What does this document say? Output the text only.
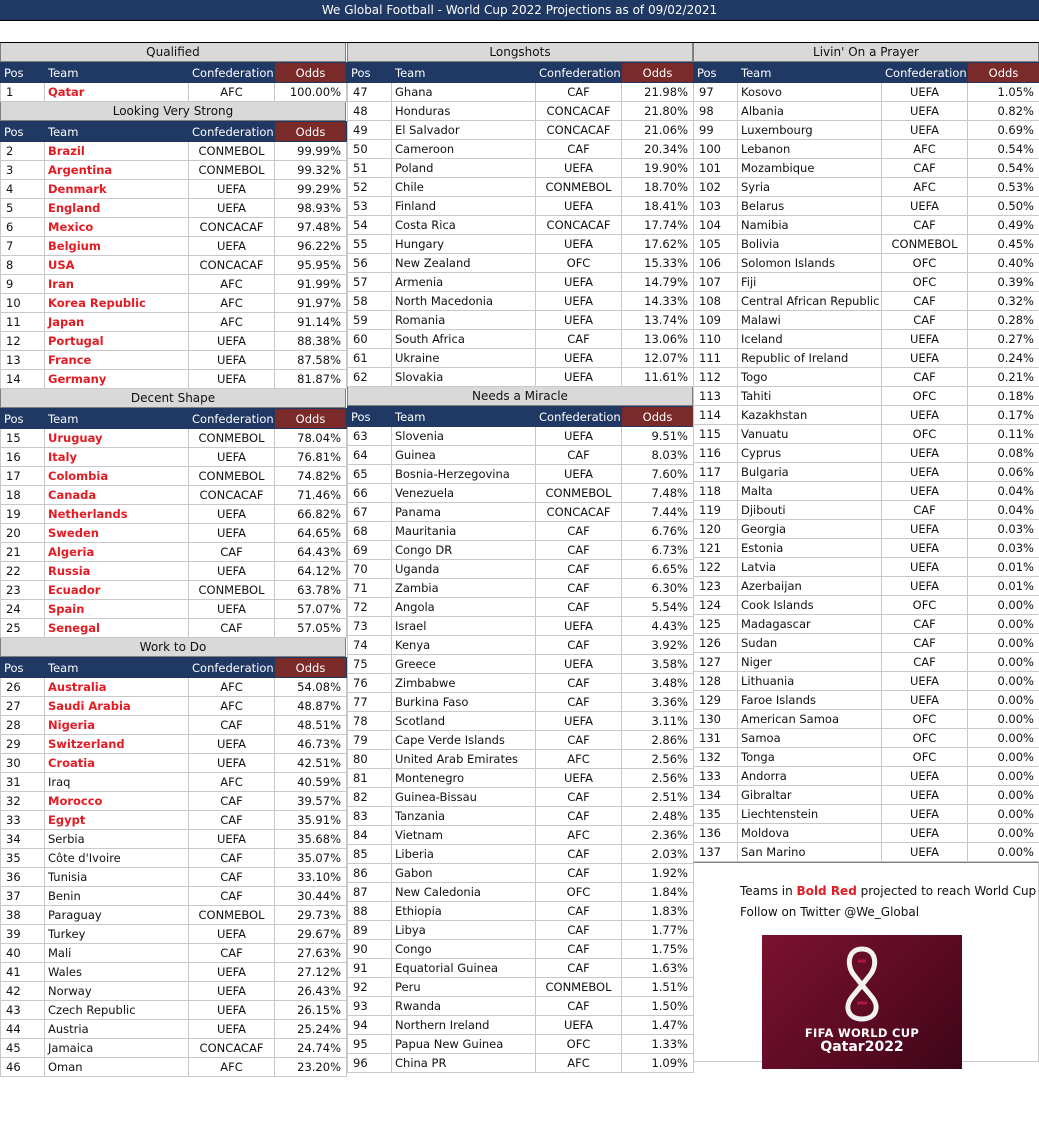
We Global Football - World Cup 2022 Projections as of 09/02/2021
Qualified
Pos	Team	Confederation	Odds
1	Qatar	AFC	100.00%
Looking Very Strong
Pos	Team	Confederation	Odds
2	Brazil	CONMEBOL	99.99%
3	Argentina	CONMEBOL	99.32%
4	Denmark	UEFA	99.29%
5	England	UEFA	98.93%
6	Mexico	CONCACAF	97.48%
7	Belgium	UEFA	96.22%
8	USA	CONCACAF	95.95%
9	Iran	AFC	91.99%
10	Korea Republic	AFC	91.97%
11	Japan	AFC	91.14%
12	Portugal	UEFA	88.38%
13	France	UEFA	87.58%
14	Germany	UEFA	81.87%
Decent Shape
Pos	Team	Confederation	Odds
15	Uruguay	CONMEBOL	78.04%
16	Italy	UEFA	76.81%
17	Colombia	CONMEBOL	74.82%
18	Canada	CONCACAF	71.46%
19	Netherlands	UEFA	66.82%
20	Sweden	UEFA	64.65%
21	Algeria	CAF	64.43%
22	Russia	UEFA	64.12%
23	Ecuador	CONMEBOL	63.78%
24	Spain	UEFA	57.07%
25	Senegal	CAF	57.05%
Work to Do
Pos	Team	Confederation	Odds
26	Australia	AFC	54.08%
27	Saudi Arabia	AFC	48.87%
28	Nigeria	CAF	48.51%
29	Switzerland	UEFA	46.73%
30	Croatia	UEFA	42.51%
31	Iraq	AFC	40.59%
32	Morocco	CAF	39.57%
33	Egypt	CAF	35.91%
34	Serbia	UEFA	35.68%
35	Côte d'Ivoire	CAF	35.07%
36	Tunisia	CAF	33.10%
37	Benin	CAF	30.44%
38	Paraguay	CONMEBOL	29.73%
39	Turkey	UEFA	29.67%
40	Mali	CAF	27.63%
41	Wales	UEFA	27.12%
42	Norway	UEFA	26.43%
43	Czech Republic	UEFA	26.15%
44	Austria	UEFA	25.24%
45	Jamaica	CONCACAF	24.74%
46	Oman	AFC	23.20%
Longshots
Pos	Team	Confederation	Odds
47	Ghana	CAF	21.98%
48	Honduras	CONCACAF	21.80%
49	El Salvador	CONCACAF	21.06%
50	Cameroon	CAF	20.34%
51	Poland	UEFA	19.90%
52	Chile	CONMEBOL	18.70%
53	Finland	UEFA	18.41%
54	Costa Rica	CONCACAF	17.74%
55	Hungary	UEFA	17.62%
56	New Zealand	OFC	15.33%
57	Armenia	UEFA	14.79%
58	North Macedonia	UEFA	14.33%
59	Romania	UEFA	13.74%
60	South Africa	CAF	13.06%
61	Ukraine	UEFA	12.07%
62	Slovakia	UEFA	11.61%
Needs a Miracle
Pos	Team	Confederation	Odds
63	Slovenia	UEFA	9.51%
64	Guinea	CAF	8.03%
65	Bosnia-Herzegovina	UEFA	7.60%
66	Venezuela	CONMEBOL	7.48%
67	Panama	CONCACAF	7.44%
68	Mauritania	CAF	6.76%
69	Congo DR	CAF	6.73%
70	Uganda	CAF	6.65%
71	Zambia	CAF	6.30%
72	Angola	CAF	5.54%
73	Israel	UEFA	4.43%
74	Kenya	CAF	3.92%
75	Greece	UEFA	3.58%
76	Zimbabwe	CAF	3.48%
77	Burkina Faso	CAF	3.36%
78	Scotland	UEFA	3.11%
79	Cape Verde Islands	CAF	2.86%
80	United Arab Emirates	AFC	2.56%
81	Montenegro	UEFA	2.56%
82	Guinea-Bissau	CAF	2.51%
83	Tanzania	CAF	2.48%
84	Vietnam	AFC	2.36%
85	Liberia	CAF	2.03%
86	Gabon	CAF	1.92%
87	New Caledonia	OFC	1.84%
88	Ethiopia	CAF	1.83%
89	Libya	CAF	1.77%
90	Congo	CAF	1.75%
91	Equatorial Guinea	CAF	1.63%
92	Peru	CONMEBOL	1.51%
93	Rwanda	CAF	1.50%
94	Northern Ireland	UEFA	1.47%
95	Papua New Guinea	OFC	1.33%
96	China PR	AFC	1.09%
Livin' On a Prayer
Pos	Team	Confederation	Odds
97	Kosovo	UEFA	1.05%
98	Albania	UEFA	0.82%
99	Luxembourg	UEFA	0.69%
100	Lebanon	AFC	0.54%
101	Mozambique	CAF	0.54%
102	Syria	AFC	0.53%
103	Belarus	UEFA	0.50%
104	Namibia	CAF	0.49%
105	Bolivia	CONMEBOL	0.45%
106	Solomon Islands	OFC	0.40%
107	Fiji	OFC	0.39%
108	Central African Republic	CAF	0.32%
109	Malawi	CAF	0.28%
110	Iceland	UEFA	0.27%
111	Republic of Ireland	UEFA	0.24%
112	Togo	CAF	0.21%
113	Tahiti	OFC	0.18%
114	Kazakhstan	UEFA	0.17%
115	Vanuatu	OFC	0.11%
116	Cyprus	UEFA	0.08%
117	Bulgaria	UEFA	0.06%
118	Malta	UEFA	0.04%
119	Djibouti	CAF	0.04%
120	Georgia	UEFA	0.03%
121	Estonia	UEFA	0.03%
122	Latvia	UEFA	0.01%
123	Azerbaijan	UEFA	0.01%
124	Cook Islands	OFC	0.00%
125	Madagascar	CAF	0.00%
126	Sudan	CAF	0.00%
127	Niger	CAF	0.00%
128	Lithuania	UEFA	0.00%
129	Faroe Islands	UEFA	0.00%
130	American Samoa	OFC	0.00%
131	Samoa	OFC	0.00%
132	Tonga	OFC	0.00%
133	Andorra	UEFA	0.00%
134	Gibraltar	UEFA	0.00%
135	Liechtenstein	UEFA	0.00%
136	Moldova	UEFA	0.00%
137	San Marino	UEFA	0.00%
Teams in Bold Red projected to reach World Cup
Follow on Twitter @We_Global
FIFA WORLD CUP
Qatar2022
